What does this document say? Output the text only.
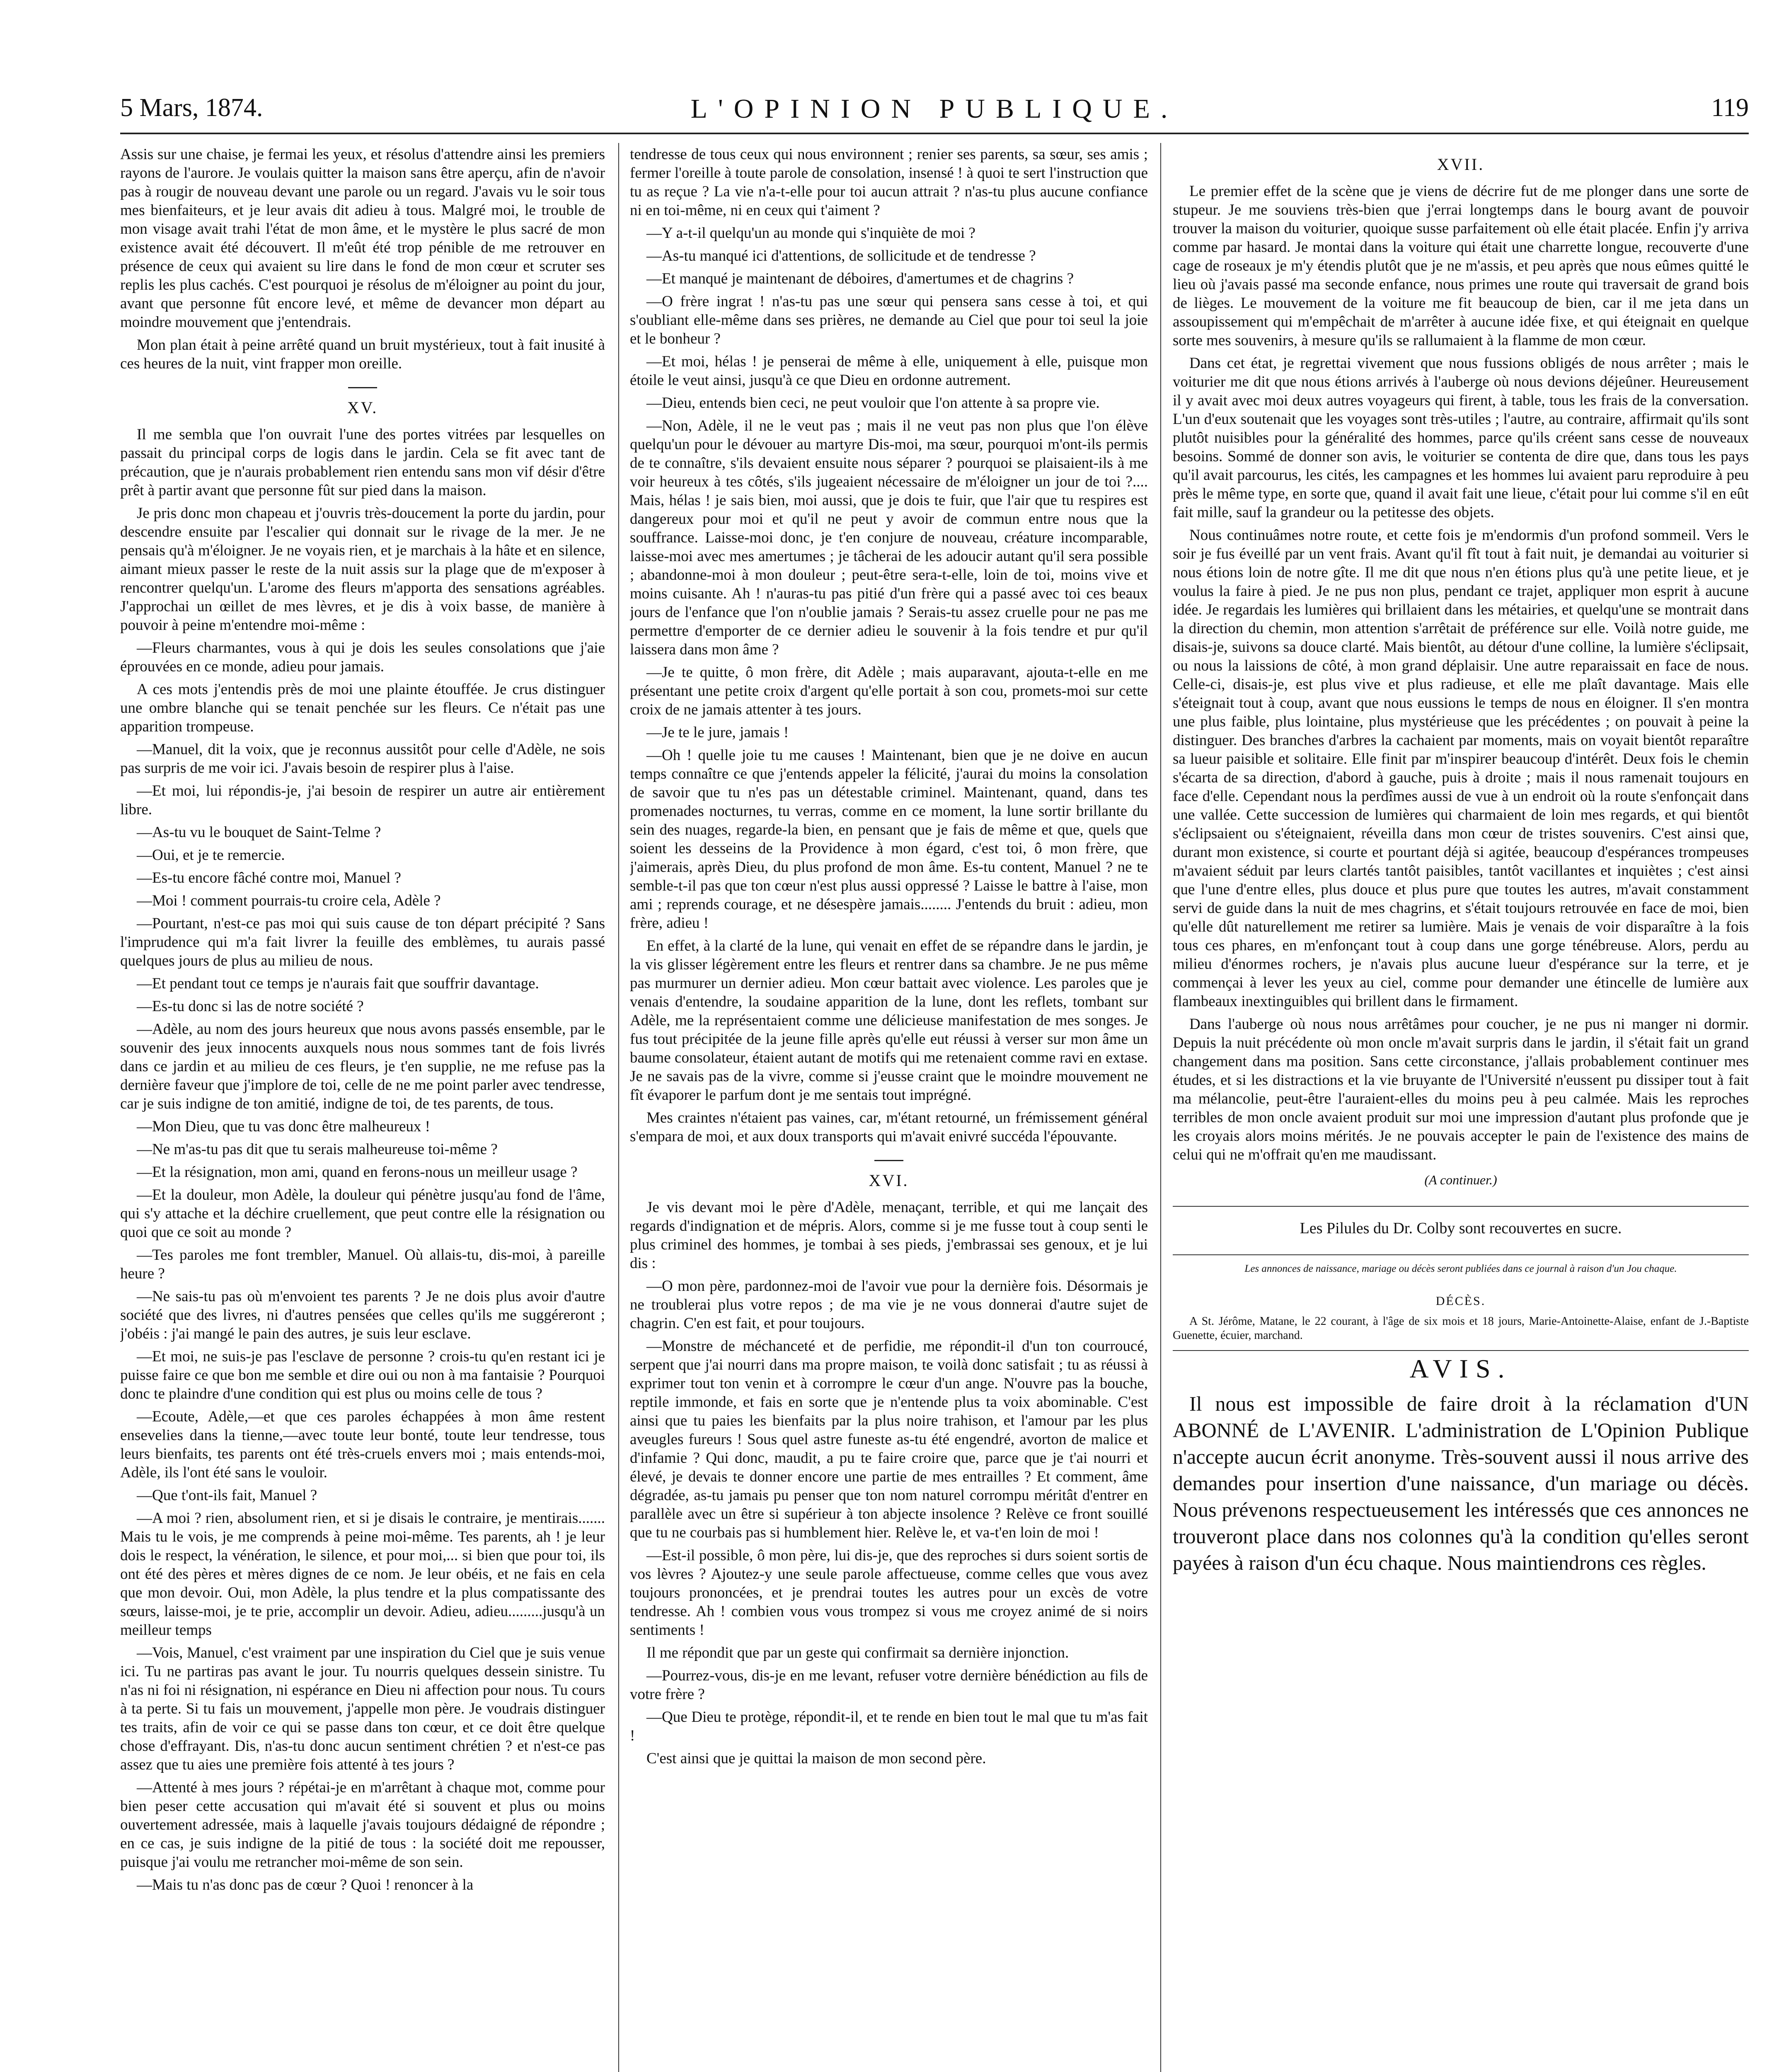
5 Mars, 1874.	L'OPINION PUBLIQUE.	119

Assis sur une chaise, je fermai les yeux, et résolus d'attendre ainsi les premiers rayons de l'aurore. Je voulais quitter la maison sans être aperçu, afin de n'avoir pas à rougir de nouveau devant une parole ou un regard. J'avais vu le soir tous mes bienfaiteurs, et je leur avais dit adieu à tous. Malgré moi, le trouble de mon visage avait trahi l'état de mon âme, et le mystère le plus sacré de mon existence avait été découvert. Il m'eût été trop pénible de me retrouver en présence de ceux qui avaient su lire dans le fond de mon cœur et scruter ses replis les plus cachés. C'est pourquoi je résolus de m'éloigner au point du jour, avant que personne fût encore levé, et même de devancer mon départ au moindre mouvement que j'entendrais.

Mon plan était à peine arrêté quand un bruit mystérieux, tout à fait inusité à ces heures de la nuit, vint frapper mon oreille.

XV.

Il me sembla que l'on ouvrait l'une des portes vitrées par lesquelles on passait du principal corps de logis dans le jardin. Cela se fit avec tant de précaution, que je n'aurais probablement rien entendu sans mon vif désir d'être prêt à partir avant que personne fût sur pied dans la maison.

Je pris donc mon chapeau et j'ouvris très-doucement la porte du jardin, pour descendre ensuite par l'escalier qui donnait sur le rivage de la mer. Je ne pensais qu'à m'éloigner. Je ne voyais rien, et je marchais à la hâte et en silence, aimant mieux passer le reste de la nuit assis sur la plage que de m'exposer à rencontrer quelqu'un. L'arome des fleurs m'apporta des sensations agréables. J'approchai un œillet de mes lèvres, et je dis à voix basse, de manière à pouvoir à peine m'entendre moi-même :

—Fleurs charmantes, vous à qui je dois les seules consolations que j'aie éprouvées en ce monde, adieu pour jamais.

A ces mots j'entendis près de moi une plainte étouffée. Je crus distinguer une ombre blanche qui se tenait penchée sur les fleurs. Ce n'était pas une apparition trompeuse.

—Manuel, dit la voix, que je reconnus aussitôt pour celle d'Adèle, ne sois pas surpris de me voir ici. J'avais besoin de respirer plus à l'aise.

—Et moi, lui répondis-je, j'ai besoin de respirer un autre air entièrement libre.

—As-tu vu le bouquet de Saint-Telme ?

—Oui, et je te remercie.

—Es-tu encore fâché contre moi, Manuel ?

—Moi ! comment pourrais-tu croire cela, Adèle ?

—Pourtant, n'est-ce pas moi qui suis cause de ton départ précipité ? Sans l'imprudence qui m'a fait livrer la feuille des emblèmes, tu aurais passé quelques jours de plus au milieu de nous.

—Et pendant tout ce temps je n'aurais fait que souffrir davantage.

—Es-tu donc si las de notre société ?

—Adèle, au nom des jours heureux que nous avons passés ensemble, par le souvenir des jeux innocents auxquels nous nous sommes tant de fois livrés dans ce jardin et au milieu de ces fleurs, je t'en supplie, ne me refuse pas la dernière faveur que j'implore de toi, celle de ne me point parler avec tendresse, car je suis indigne de ton amitié, indigne de toi, de tes parents, de tous.

—Mon Dieu, que tu vas donc être malheureux !

—Ne m'as-tu pas dit que tu serais malheureuse toi-même ?

—Et la résignation, mon ami, quand en ferons-nous un meilleur usage ?

—Et la douleur, mon Adèle, la douleur qui pénètre jusqu'au fond de l'âme, qui s'y attache et la déchire cruellement, que peut contre elle la résignation ou quoi que ce soit au monde ?

—Tes paroles me font trembler, Manuel. Où allais-tu, dis-moi, à pareille heure ?

—Ne sais-tu pas où m'envoient tes parents ? Je ne dois plus avoir d'autre société que des livres, ni d'autres pensées que celles qu'ils me suggéreront ; j'obéis : j'ai mangé le pain des autres, je suis leur esclave.

—Et moi, ne suis-je pas l'esclave de personne ? crois-tu qu'en restant ici je puisse faire ce que bon me semble et dire oui ou non à ma fantaisie ? Pourquoi donc te plaindre d'une condition qui est plus ou moins celle de tous ?

—Ecoute, Adèle,—et que ces paroles échappées à mon âme restent ensevelies dans la tienne,—avec toute leur bonté, toute leur tendresse, tous leurs bienfaits, tes parents ont été très-cruels envers moi ; mais entends-moi, Adèle, ils l'ont été sans le vouloir.

—Que t'ont-ils fait, Manuel ?

—A moi ? rien, absolument rien, et si je disais le contraire, je mentirais....... Mais tu le vois, je me comprends à peine moi-même. Tes parents, ah ! je leur dois le respect, la vénération, le silence, et pour moi,... si bien que pour toi, ils ont été des pères et mères dignes de ce nom. Je leur obéis, et ne fais en cela que mon devoir. Oui, mon Adèle, la plus tendre et la plus compatissante des sœurs, laisse-moi, je te prie, accomplir un devoir. Adieu, adieu.........jusqu'à un meilleur temps

—Vois, Manuel, c'est vraiment par une inspiration du Ciel que je suis venue ici. Tu ne partiras pas avant le jour. Tu nourris quelques dessein sinistre. Tu n'as ni foi ni résignation, ni espérance en Dieu ni affection pour nous. Tu cours à ta perte. Si tu fais un mouvement, j'appelle mon père. Je voudrais distinguer tes traits, afin de voir ce qui se passe dans ton cœur, et ce doit être quelque chose d'effrayant. Dis, n'as-tu donc aucun sentiment chrétien ? et n'est-ce pas assez que tu aies une première fois attenté à tes jours ?

—Attenté à mes jours ? répétai-je en m'arrêtant à chaque mot, comme pour bien peser cette accusation qui m'avait été si souvent et plus ou moins ouvertement adressée, mais à laquelle j'avais toujours dédaigné de répondre ; en ce cas, je suis indigne de la pitié de tous : la société doit me repousser, puisque j'ai voulu me retrancher moi-même de son sein.

—Mais tu n'as donc pas de cœur ? Quoi ! renoncer à la

tendresse de tous ceux qui nous environnent ; renier ses parents, sa sœur, ses amis ; fermer l'oreille à toute parole de consolation, insensé ! à quoi te sert l'instruction que tu as reçue ? La vie n'a-t-elle pour toi aucun attrait ? n'as-tu plus aucune confiance ni en toi-même, ni en ceux qui t'aiment ?

—Y a-t-il quelqu'un au monde qui s'inquiète de moi ?

—As-tu manqué ici d'attentions, de sollicitude et de tendresse ?

—Et manqué je maintenant de déboires, d'amertumes et de chagrins ?

—O frère ingrat ! n'as-tu pas une sœur qui pensera sans cesse à toi, et qui s'oubliant elle-même dans ses prières, ne demande au Ciel que pour toi seul la joie et le bonheur ?

—Et moi, hélas ! je penserai de même à elle, uniquement à elle, puisque mon étoile le veut ainsi, jusqu'à ce que Dieu en ordonne autrement.

—Dieu, entends bien ceci, ne peut vouloir que l'on attente à sa propre vie.

—Non, Adèle, il ne le veut pas ; mais il ne veut pas non plus que l'on élève quelqu'un pour le dévouer au martyre Dis-moi, ma sœur, pourquoi m'ont-ils permis de te connaître, s'ils devaient ensuite nous séparer ? pourquoi se plaisaient-ils à me voir heureux à tes côtés, s'ils jugeaient nécessaire de m'éloigner un jour de toi ?.... Mais, hélas ! je sais bien, moi aussi, que je dois te fuir, que l'air que tu respires est dangereux pour moi et qu'il ne peut y avoir de commun entre nous que la souffrance. Laisse-moi donc, je t'en conjure de nouveau, créature incomparable, laisse-moi avec mes amertumes ; je tâcherai de les adoucir autant qu'il sera possible ; abandonne-moi à mon douleur ; peut-être sera-t-elle, loin de toi, moins vive et moins cuisante. Ah ! n'auras-tu pas pitié d'un frère qui a passé avec toi ces beaux jours de l'enfance que l'on n'oublie jamais ? Serais-tu assez cruelle pour ne pas me permettre d'emporter de ce dernier adieu le souvenir à la fois tendre et pur qu'il laissera dans mon âme ?

—Je te quitte, ô mon frère, dit Adèle ; mais auparavant, ajouta-t-elle en me présentant une petite croix d'argent qu'elle portait à son cou, promets-moi sur cette croix de ne jamais attenter à tes jours.

—Je te le jure, jamais !

—Oh ! quelle joie tu me causes ! Maintenant, bien que je ne doive en aucun temps connaître ce que j'entends appeler la félicité, j'aurai du moins la consolation de savoir que tu n'es pas un détestable criminel. Maintenant, quand, dans tes promenades nocturnes, tu verras, comme en ce moment, la lune sortir brillante du sein des nuages, regarde-la bien, en pensant que je fais de même et que, quels que soient les desseins de la Providence à mon égard, c'est toi, ô mon frère, que j'aimerais, après Dieu, du plus profond de mon âme. Es-tu content, Manuel ? ne te semble-t-il pas que ton cœur n'est plus aussi oppressé ? Laisse le battre à l'aise, mon ami ; reprends courage, et ne désespère jamais........ J'entends du bruit : adieu, mon frère, adieu !

En effet, à la clarté de la lune, qui venait en effet de se répandre dans le jardin, je la vis glisser légèrement entre les fleurs et rentrer dans sa chambre. Je ne pus même pas murmurer un dernier adieu. Mon cœur battait avec violence. Les paroles que je venais d'entendre, la soudaine apparition de la lune, dont les reflets, tombant sur Adèle, me la représentaient comme une délicieuse manifestation de mes songes. Je fus tout précipitée de la jeune fille après qu'elle eut réussi à verser sur mon âme un baume consolateur, étaient autant de motifs qui me retenaient comme ravi en extase. Je ne savais pas de la vivre, comme si j'eusse craint que le moindre mouvement ne fît évaporer le parfum dont je me sentais tout imprégné.

Mes craintes n'étaient pas vaines, car, m'étant retourné, un frémissement général s'empara de moi, et aux doux transports qui m'avait enivré succéda l'épouvante.

XVI.

Je vis devant moi le père d'Adèle, menaçant, terrible, et qui me lançait des regards d'indignation et de mépris. Alors, comme si je me fusse tout à coup senti le plus criminel des hommes, je tombai à ses pieds, j'embrassai ses genoux, et je lui dis :

—O mon père, pardonnez-moi de l'avoir vue pour la dernière fois. Désormais je ne troublerai plus votre repos ; de ma vie je ne vous donnerai d'autre sujet de chagrin. C'en est fait, et pour toujours.

—Monstre de méchanceté et de perfidie, me répondit-il d'un ton courroucé, serpent que j'ai nourri dans ma propre maison, te voilà donc satisfait ; tu as réussi à exprimer tout ton venin et à corrompre le cœur d'un ange. N'ouvre pas la bouche, reptile immonde, et fais en sorte que je n'entende plus ta voix abominable. C'est ainsi que tu paies les bienfaits par la plus noire trahison, et l'amour par les plus aveugles fureurs ! Sous quel astre funeste as-tu été engendré, avorton de malice et d'infamie ? Qui donc, maudit, a pu te faire croire que, parce que je t'ai nourri et élevé, je devais te donner encore une partie de mes entrailles ? Et comment, âme dégradée, as-tu jamais pu penser que ton nom naturel corrompu méritât d'entrer en parallèle avec un être si supérieur à ton abjecte insolence ? Relève ce front souillé que tu ne courbais pas si humblement hier. Relève le, et va-t'en loin de moi !

—Est-il possible, ô mon père, lui dis-je, que des reproches si durs soient sortis de vos lèvres ? Ajoutez-y une seule parole affectueuse, comme celles que vous avez toujours prononcées, et je prendrai toutes les autres pour un excès de votre tendresse. Ah ! combien vous vous trompez si vous me croyez animé de si noirs sentiments !

Il me répondit que par un geste qui confirmait sa dernière injonction.

—Pourrez-vous, dis-je en me levant, refuser votre dernière bénédiction au fils de votre frère ?

—Que Dieu te protège, répondit-il, et te rende en bien tout le mal que tu m'as fait !

C'est ainsi que je quittai la maison de mon second père.

XVII.

Le premier effet de la scène que je viens de décrire fut de me plonger dans une sorte de stupeur. Je me souviens très-bien que j'errai longtemps dans le bourg avant de pouvoir trouver la maison du voiturier, quoique susse parfaitement où elle était placée. Enfin j'y arriva comme par hasard. Je montai dans la voiture qui était une charrette longue, recouverte d'une cage de roseaux je m'y étendis plutôt que je ne m'assis, et peu après que nous eûmes quitté le lieu où j'avais passé ma seconde enfance, nous primes une route qui traversait de grand bois de lièges. Le mouvement de la voiture me fit beaucoup de bien, car il me jeta dans un assoupissement qui m'empêchait de m'arrêter à aucune idée fixe, et qui éteignait en quelque sorte mes souvenirs, à mesure qu'ils se rallumaient à la flamme de mon cœur.

Dans cet état, je regrettai vivement que nous fussions obligés de nous arrêter ; mais le voiturier me dit que nous étions arrivés à l'auberge où nous devions déjeûner. Heureusement il y avait avec moi deux autres voyageurs qui firent, à table, tous les frais de la conversation. L'un d'eux soutenait que les voyages sont très-utiles ; l'autre, au contraire, affirmait qu'ils sont plutôt nuisibles pour la généralité des hommes, parce qu'ils créent sans cesse de nouveaux besoins. Sommé de donner son avis, le voiturier se contenta de dire que, dans tous les pays qu'il avait parcourus, les cités, les campagnes et les hommes lui avaient paru reproduire à peu près le même type, en sorte que, quand il avait fait une lieue, c'était pour lui comme s'il en eût fait mille, sauf la grandeur ou la petitesse des objets.

Nous continuâmes notre route, et cette fois je m'endormis d'un profond sommeil. Vers le soir je fus éveillé par un vent frais. Avant qu'il fît tout à fait nuit, je demandai au voiturier si nous étions loin de notre gîte. Il me dit que nous n'en étions plus qu'à une petite lieue, et je voulus la faire à pied. Je ne pus non plus, pendant ce trajet, appliquer mon esprit à aucune idée. Je regardais les lumières qui brillaient dans les métairies, et quelqu'une se montrait dans la direction du chemin, mon attention s'arrêtait de préférence sur elle. Voilà notre guide, me disais-je, suivons sa douce clarté. Mais bientôt, au détour d'une colline, la lumière s'éclipsait, ou nous la laissions de côté, à mon grand déplaisir. Une autre reparaissait en face de nous. Celle-ci, disais-je, est plus vive et plus radieuse, et elle me plaît davantage. Mais elle s'éteignait tout à coup, avant que nous eussions le temps de nous en éloigner. Il s'en montra une plus faible, plus lointaine, plus mystérieuse que les précédentes ; on pouvait à peine la distinguer. Des branches d'arbres la cachaient par moments, mais on voyait bientôt reparaître sa lueur paisible et solitaire. Elle finit par m'inspirer beaucoup d'intérêt. Deux fois le chemin s'écarta de sa direction, d'abord à gauche, puis à droite ; mais il nous ramenait toujours en face d'elle. Cependant nous la perdîmes aussi de vue à un endroit où la route s'enfonçait dans une vallée. Cette succession de lumières qui charmaient de loin mes regards, et qui bientôt s'éclipsaient ou s'éteignaient, réveilla dans mon cœur de tristes souvenirs. C'est ainsi que, durant mon existence, si courte et pourtant déjà si agitée, beaucoup d'espérances trompeuses m'avaient séduit par leurs clartés tantôt paisibles, tantôt vacillantes et inquiètes ; c'est ainsi que l'une d'entre elles, plus douce et plus pure que toutes les autres, m'avait constamment servi de guide dans la nuit de mes chagrins, et s'était toujours retrouvée en face de moi, bien qu'elle dût naturellement me retirer sa lumière. Mais je venais de voir disparaître à la fois tous ces phares, en m'enfonçant tout à coup dans une gorge ténébreuse. Alors, perdu au milieu d'énormes rochers, je n'avais plus aucune lueur d'espérance sur la terre, et je commençai à lever les yeux au ciel, comme pour demander une étincelle de lumière aux flambeaux inextinguibles qui brillent dans le firmament.

Dans l'auberge où nous nous arrêtâmes pour coucher, je ne pus ni manger ni dormir. Depuis la nuit précédente où mon oncle m'avait surpris dans le jardin, il s'était fait un grand changement dans ma position. Sans cette circonstance, j'allais probablement continuer mes études, et si les distractions et la vie bruyante de l'Université n'eussent pu dissiper tout à fait ma mélancolie, peut-être l'auraient-elles du moins peu à peu calmée. Mais les reproches terribles de mon oncle avaient produit sur moi une impression d'autant plus profonde que je les croyais alors moins mérités. Je ne pouvais accepter le pain de l'existence des mains de celui qui ne m'offrait qu'en me maudissant.

(A continuer.)
Les Pilules du Dr. Colby sont recouvertes en sucre.
Les annonces de naissance, mariage ou décès seront publiées dans ce journal à raison d'un Jou chaque.
DÉCÈS.

A St. Jérôme, Matane, le 22 courant, à l'âge de six mois et 18 jours, Marie-Antoinette-Alaise, enfant de J.-Baptiste Guenette, écuier, marchand.

AVIS.

Il nous est impossible de faire droit à la réclamation d'UN ABONNÉ de L'AVENIR. L'administration de L'Opinion Publique n'accepte aucun écrit anonyme. Très-souvent aussi il nous arrive des demandes pour insertion d'une naissance, d'un mariage ou décès. Nous prévenons respectueusement les intéressés que ces annonces ne trouveront place dans nos colonnes qu'à la condition qu'elles seront payées à raison d'un écu chaque. Nous maintiendrons ces règles.
